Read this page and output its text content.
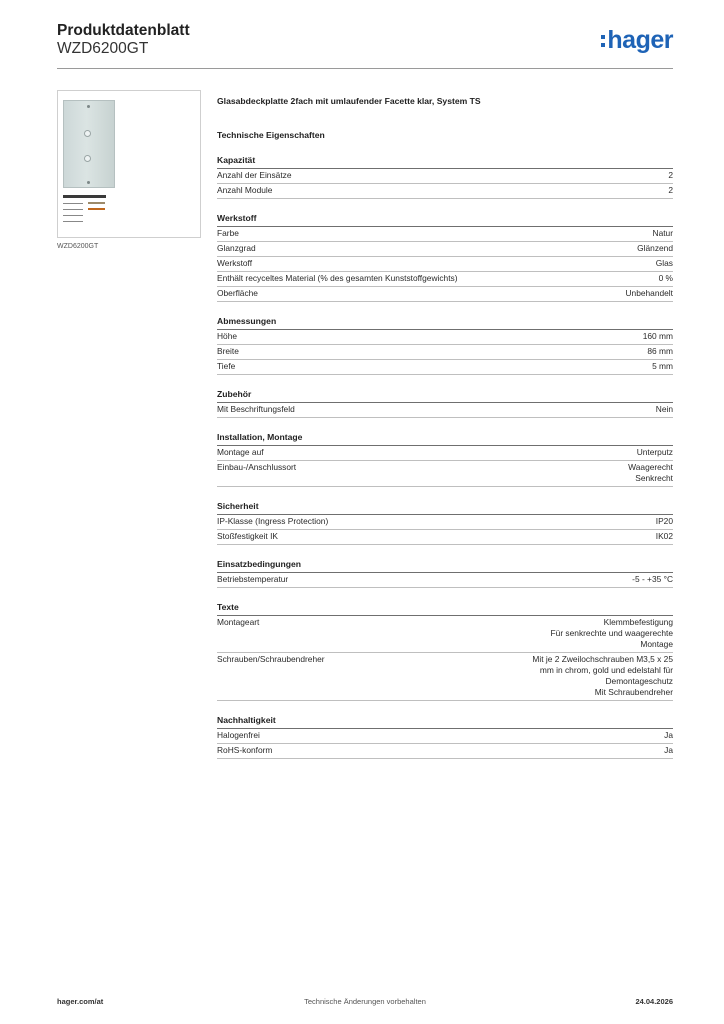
Produktdatenblatt
WZD6200GT	hager
WZD6200GT
Glasabdeckplatte 2fach mit umlaufender Facette klar, System TS
Technische Eigenschaften
Kapazität
Anzahl der Einsätze	2
Anzahl Module	2
Werkstoff
Farbe	Natur
Glanzgrad	Glänzend
Werkstoff	Glas
Enthält recyceltes Material (% des gesamten Kunststoffgewichts)	0 %
Oberfläche	Unbehandelt
Abmessungen
Höhe	160 mm
Breite	86 mm
Tiefe	5 mm
Zubehör
Mit Beschriftungsfeld	Nein
Installation, Montage
Montage auf	Unterputz
Einbau-/Anschlussort	Waagerecht
Senkrecht
Sicherheit
IP-Klasse (Ingress Protection)	IP20
Stoßfestigkeit IK	IK02
Einsatzbedingungen
Betriebstemperatur	-5 - +35 °C
Texte
Montageart	Klemmbefestigung
Für senkrechte und waagerechte
Montage
Schrauben/Schraubendreher	Mit je 2 Zweilochschrauben M3,5 x 25
mm in chrom, gold und edelstahl für
Demontageschutz
Mit Schraubendreher
Nachhaltigkeit
Halogenfrei	Ja
RoHS-konform	Ja
Technische Änderungen vorbehalten
hager.com/at	24.04.2026
